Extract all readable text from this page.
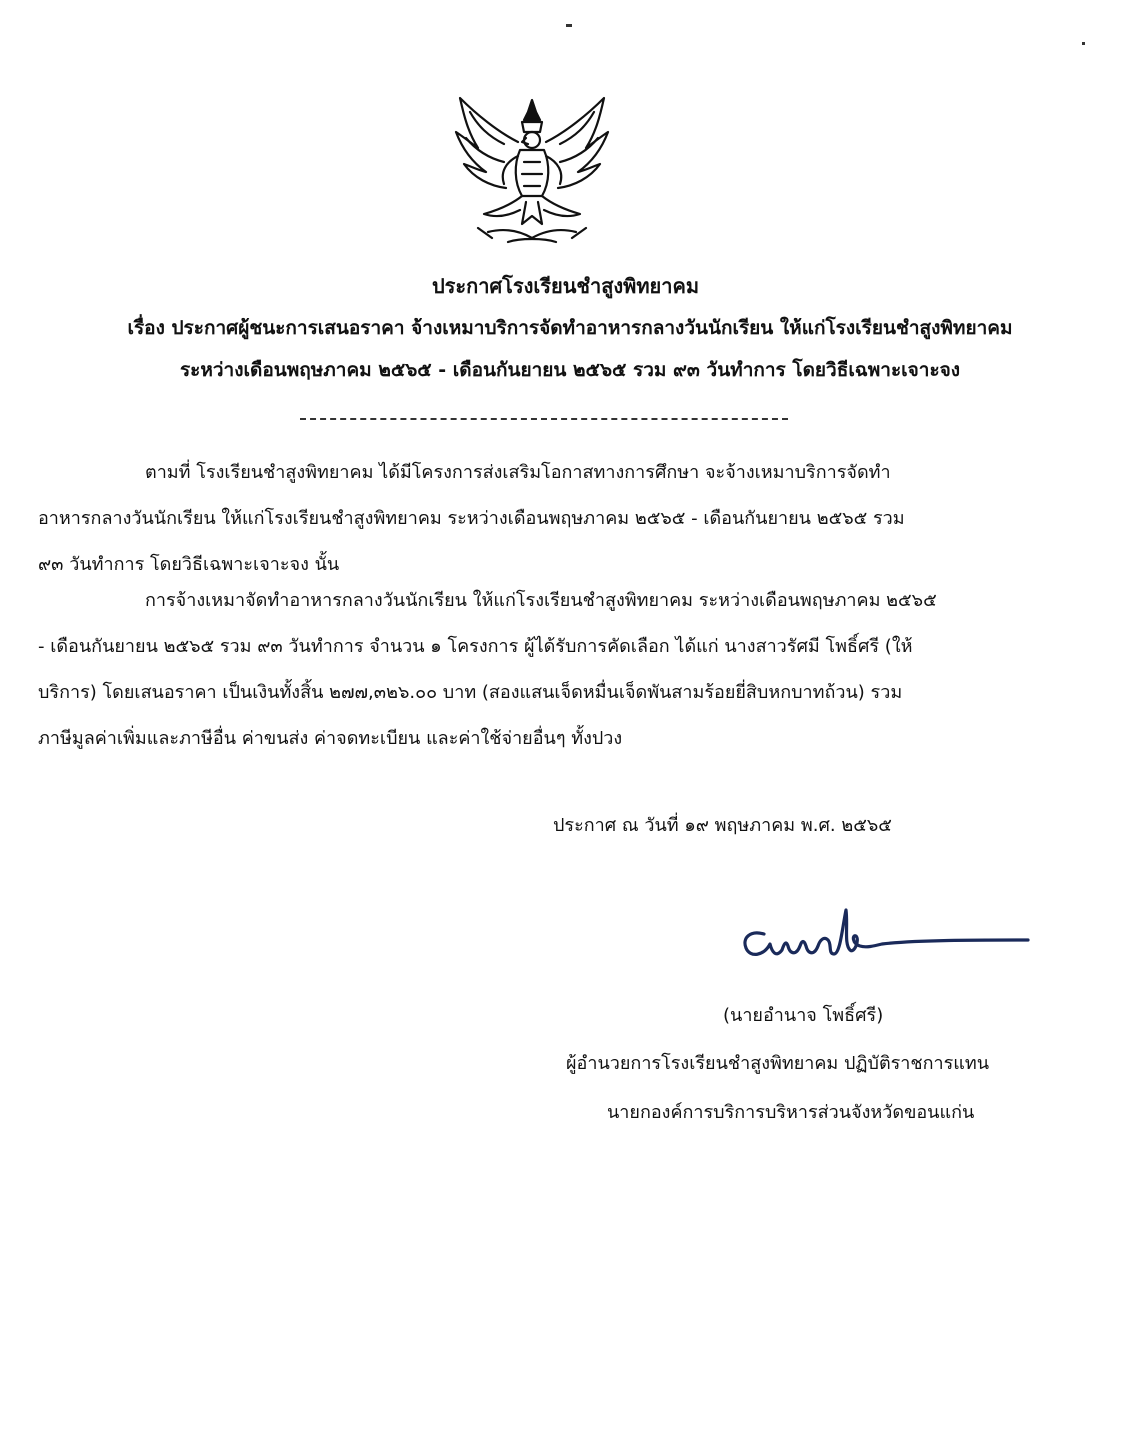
ประกาศโรงเรียนชำสูงพิทยาคม
เรื่อง ประกาศผู้ชนะการเสนอราคา จ้างเหมาบริการจัดทำอาหารกลางวันนักเรียน ให้แก่โรงเรียนชำสูงพิทยาคม
ระหว่างเดือนพฤษภาคม ๒๕๖๕ - เดือนกันยายน ๒๕๖๕ รวม ๙๓ วันทำการ โดยวิธีเฉพาะเจาะจง
ตามที่ โรงเรียนชำสูงพิทยาคม ได้มีโครงการส่งเสริมโอกาสทางการศึกษา จะจ้างเหมาบริการจัดทำ
อาหารกลางวันนักเรียน ให้แก่โรงเรียนชำสูงพิทยาคม ระหว่างเดือนพฤษภาคม ๒๕๖๕ - เดือนกันยายน ๒๕๖๕ รวม
๙๓ วันทำการ โดยวิธีเฉพาะเจาะจง นั้น
การจ้างเหมาจัดทำอาหารกลางวันนักเรียน ให้แก่โรงเรียนชำสูงพิทยาคม ระหว่างเดือนพฤษภาคม ๒๕๖๕
- เดือนกันยายน ๒๕๖๕ รวม ๙๓ วันทำการ จำนวน ๑ โครงการ ผู้ได้รับการคัดเลือก ได้แก่ นางสาวรัศมี โพธิ์ศรี (ให้
บริการ) โดยเสนอราคา เป็นเงินทั้งสิ้น ๒๗๗,๓๒๖.๐๐ บาท (สองแสนเจ็ดหมื่นเจ็ดพันสามร้อยยี่สิบหกบาทถ้วน) รวม
ภาษีมูลค่าเพิ่มและภาษีอื่น ค่าขนส่ง ค่าจดทะเบียน และค่าใช้จ่ายอื่นๆ ทั้งปวง
ประกาศ ณ วันที่ ๑๙ พฤษภาคม พ.ศ. ๒๕๖๕
(นายอำนาจ โพธิ์ศรี)
ผู้อำนวยการโรงเรียนชำสูงพิทยาคม ปฏิบัติราชการแทน
นายกองค์การบริการบริหารส่วนจังหวัดขอนแก่น
